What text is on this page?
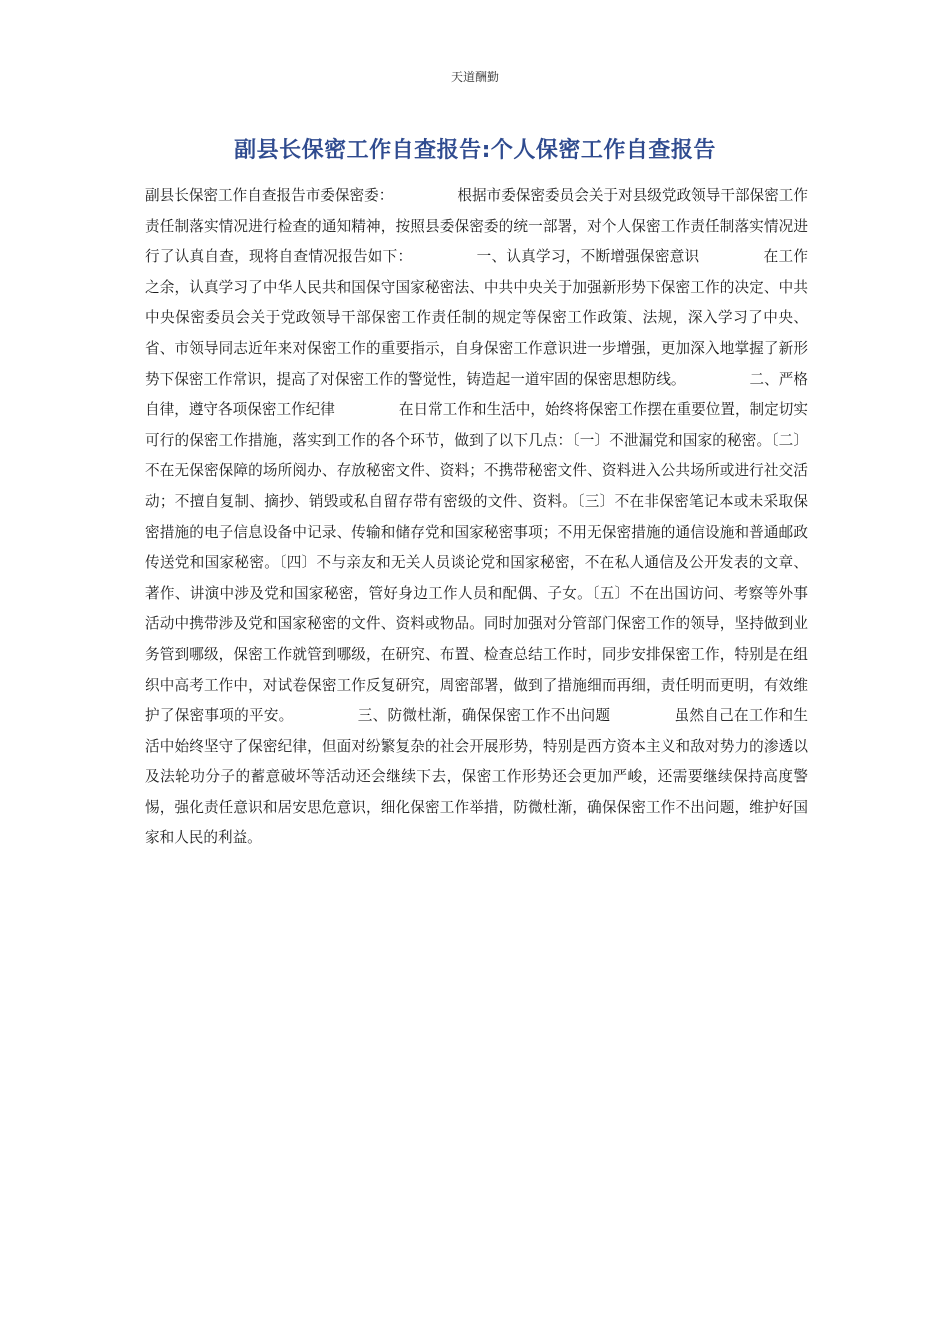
天道酬勤
副县长保密工作自查报告:个人保密工作自查报告

副县长保密工作自查报告市委保密委：	根据市委保密委员会关于对县级党政领导干部保密工作责任制落实情况进行检查的通知精神，按照县委保密委的统一部署，对个人保密工作责任制落实情况进行了认真自查，现将自查情况报告如下：	一、认真学习，不断增强保密意识	在工作之余，认真学习了中华人民共和国保守国家秘密法、中共中央关于加强新形势下保密工作的决定、中共中央保密委员会关于党政领导干部保密工作责任制的规定等保密工作政策、法规，深入学习了中央、省、市领导同志近年来对保密工作的重要指示，自身保密工作意识进一步增强，更加深入地掌握了新形势下保密工作常识，提高了对保密工作的警觉性，铸造起一道牢固的保密思想防线。	二、严格自律，遵守各项保密工作纪律	在日常工作和生活中，始终将保密工作摆在重要位置，制定切实可行的保密工作措施，落实到工作的各个环节，做到了以下几点：〔一〕不泄漏党和国家的秘密。〔二〕不在无保密保障的场所阅办、存放秘密文件、资料；不携带秘密文件、资料进入公共场所或进行社交活动；不擅自复制、摘抄、销毁或私自留存带有密级的文件、资料。〔三〕不在非保密笔记本或未采取保密措施的电子信息设备中记录、传输和储存党和国家秘密事项；不用无保密措施的通信设施和普通邮政传送党和国家秘密。〔四〕不与亲友和无关人员谈论党和国家秘密，不在私人通信及公开发表的文章、著作、讲演中涉及党和国家秘密，管好身边工作人员和配偶、子女。〔五〕不在出国访问、考察等外事活动中携带涉及党和国家秘密的文件、资料或物品。同时加强对分管部门保密工作的领导，坚持做到业务管到哪级，保密工作就管到哪级，在研究、布置、检查总结工作时，同步安排保密工作，特别是在组织中高考工作中，对试卷保密工作反复研究，周密部署，做到了措施细而再细，责任明而更明，有效维护了保密事项的平安。	三、防微杜渐，确保保密工作不出问题	虽然自己在工作和生活中始终坚守了保密纪律，但面对纷繁复杂的社会开展形势，特别是西方资本主义和敌对势力的渗透以及法轮功分子的蓄意破坏等活动还会继续下去，保密工作形势还会更加严峻，还需要继续保持高度警惕，强化责任意识和居安思危意识，细化保密工作举措，防微杜渐，确保保密工作不出问题，维护好国家和人民的利益。
